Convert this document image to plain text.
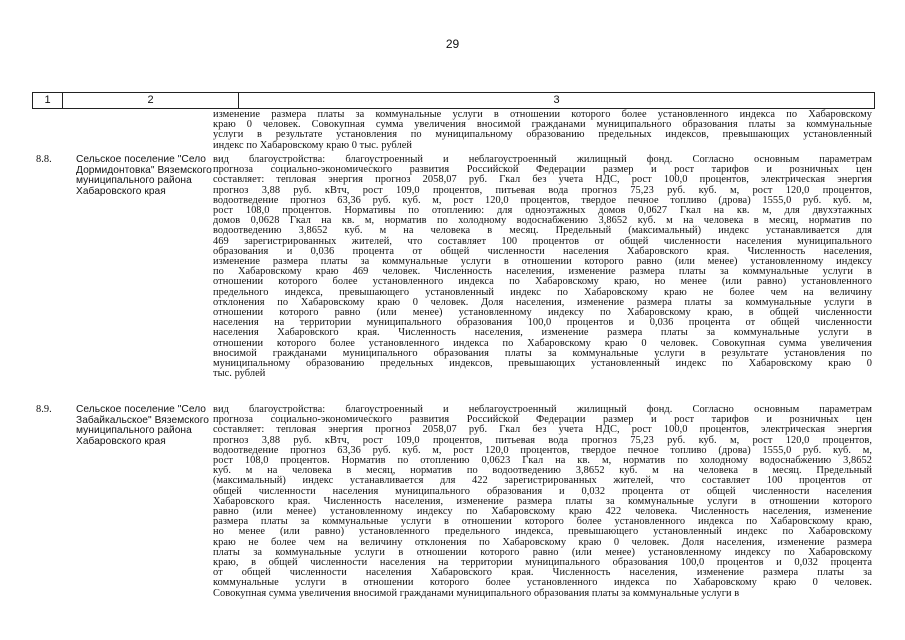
29
1	2	3
изменение размера платы за коммунальные услуги в отношении которого более установленного индекса по Хабаровскому
краю 0 человек. Совокупная сумма увеличения вносимой гражданами муниципального образования платы за коммунальные
услуги в результате установления по муниципальному образованию предельных индексов, превышающих установленный
индекс по Хабаровскому краю 0 тыс. рублей
8.8.	Сельское поселение "Село Дормидонтовка" Вяземского муниципального района Хабаровского края
вид благоустройства: благоустроенный и неблагоустроенный жилищный фонд. Согласно основным параметрам
прогноза социально-экономического развития Российской Федерации размер и рост тарифов и розничных цен
составляет: тепловая энергия прогноз 2058,07 руб. Гкал без учета НДС, рост 100,0 процентов, электрическая энергия
прогноз 3,88 руб. кВтч, рост 109,0 процентов, питьевая вода прогноз 75,23 руб. куб. м, рост 120,0 процентов,
водоотведение прогноз 63,36 руб. куб. м, рост 120,0 процентов, твердое печное топливо (дрова) 1555,0 руб. куб. м,
рост 108,0 процентов. Нормативы по отоплению: для одноэтажных домов 0,0627 Гкал на кв. м, для двухэтажных
домов 0,0628 Гкал на кв. м, норматив по холодному водоснабжению 3,8652 куб. м на человека в месяц, норматив по
водоотведению 3,8652 куб. м на человека в месяц. Предельный (максимальный) индекс устанавливается для
469 зарегистрированных жителей, что составляет 100 процентов от общей численности населения муниципального
образования и 0,036 процента от общей численности населения Хабаровского края. Численность населения,
изменение размера платы за коммунальные услуги в отношении которого равно (или менее) установленному индексу
по Хабаровскому краю 469 человек. Численность населения, изменение размера платы за коммунальные услуги в
отношении которого более установленного индекса по Хабаровскому краю, но менее (или равно) установленного
предельного индекса, превышающего установленный индекс по Хабаровскому краю не более чем на величину
отклонения по Хабаровскому краю 0 человек. Доля населения, изменение размера платы за коммунальные услуги в
отношении которого равно (или менее) установленному индексу по Хабаровскому краю, в общей численности
населения на территории муниципального образования 100,0 процентов и 0,036 процента от общей численности
населения Хабаровского края. Численность населения, изменение размера платы за коммунальные услуги в
отношении которого более установленного индекса по Хабаровскому краю 0 человек. Совокупная сумма увеличения
вносимой гражданами муниципального образования платы за коммунальные услуги в результате установления по
муниципальному образованию предельных индексов, превышающих установленный индекс по Хабаровскому краю 0
тыс. рублей
8.9.	Сельское поселение "Село Забайкальское" Вяземского муниципального района Хабаровского края
вид благоустройства: благоустроенный и неблагоустроенный жилищный фонд. Согласно основным параметрам
прогноза социально-экономического развития Российской Федерации размер и рост тарифов и розничных цен
составляет: тепловая энергия прогноз 2058,07 руб. Гкал без учета НДС, рост 100,0 процентов, электрическая энергия
прогноз 3,88 руб. кВтч, рост 109,0 процентов, питьевая вода прогноз 75,23 руб. куб. м, рост 120,0 процентов,
водоотведение прогноз 63,36 руб. куб. м, рост 120,0 процентов, твердое печное топливо (дрова) 1555,0 руб. куб. м,
рост 108,0 процентов. Норматив по отоплению 0,0623 Гкал на кв. м, норматив по холодному водоснабжению 3,8652
куб. м на человека в месяц, норматив по водоотведению 3,8652 куб. м на человека в месяц. Предельный
(максимальный) индекс устанавливается для 422 зарегистрированных жителей, что составляет 100 процентов от
общей численности населения муниципального образования и 0,032 процента от общей численности населения
Хабаровского края. Численность населения, изменение размера платы за коммунальные услуги в отношении которого
равно (или менее) установленному индексу по Хабаровскому краю 422 человека. Численность населения, изменение
размера платы за коммунальные услуги в отношении которого более установленного индекса по Хабаровскому краю,
но менее (или равно) установленного предельного индекса, превышающего установленный индекс по Хабаровскому
краю не более чем на величину отклонения по Хабаровскому краю 0 человек. Доля населения, изменение размера
платы за коммунальные услуги в отношении которого равно (или менее) установленному индексу по Хабаровскому
краю, в общей численности населения на территории муниципального образования 100,0 процентов и 0,032 процента
от общей численности населения Хабаровского края. Численность населения, изменение размера платы за
коммунальные услуги в отношении которого более установленного индекса по Хабаровскому краю 0 человек.
Совокупная сумма увеличения вносимой гражданами муниципального образования платы за коммунальные услуги в
